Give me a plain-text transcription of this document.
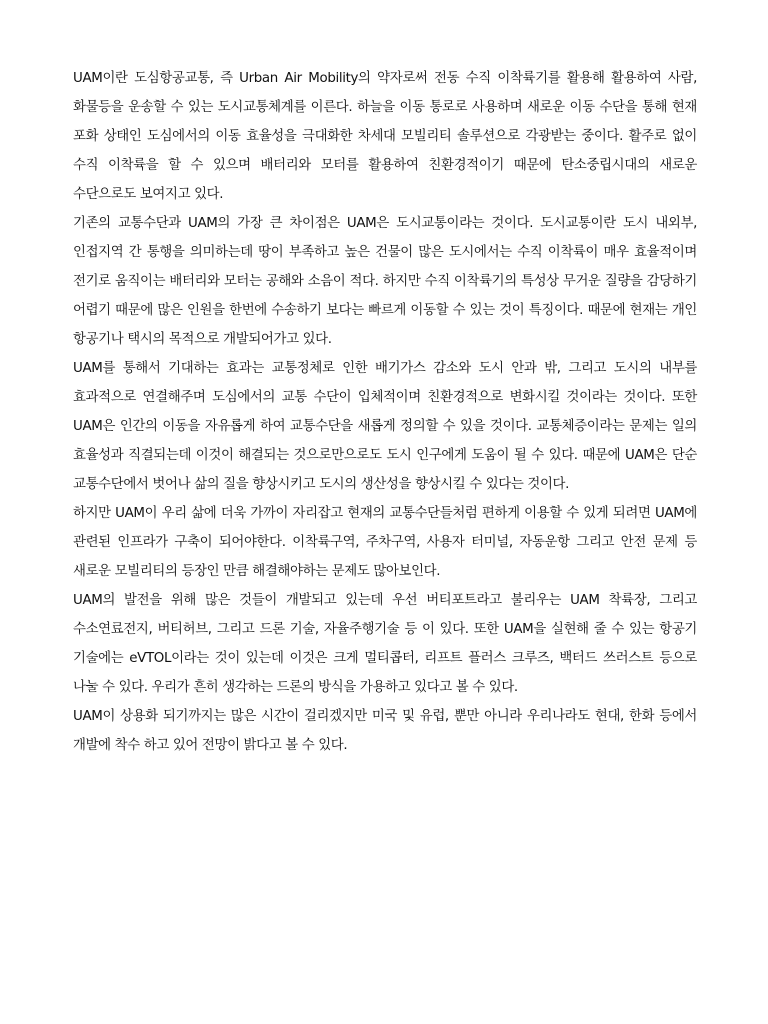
UAM이란 도심항공교통, 즉 Urban Air Mobility의 약자로써 전동 수직 이착륙기를 활용해 활용하여 사람, 화물등을 운송할 수 있는 도시교통체계를 이른다. 하늘을 이동 통로로 사용하며 새로운 이동 수단을 통해 현재 포화 상태인 도심에서의 이동 효율성을 극대화한 차세대 모빌리티 솔루션으로 각광받는 중이다. 활주로 없이 수직 이착륙을 할 수 있으며 배터리와 모터를 활용하여 친환경적이기 때문에 탄소중립시대의 새로운 수단으로도 보여지고 있다.

기존의 교통수단과 UAM의 가장 큰 차이점은 UAM은 도시교통이라는 것이다. 도시교통이란 도시 내외부, 인접지역 간 통행을 의미하는데 땅이 부족하고 높은 건물이 많은 도시에서는 수직 이착륙이 매우 효율적이며 전기로 움직이는 배터리와 모터는 공해와 소음이 적다. 하지만 수직 이착륙기의 특성상 무거운 질량을 감당하기 어렵기 때문에 많은 인원을 한번에 수송하기 보다는 빠르게 이동할 수 있는 것이 특징이다. 때문에 현재는 개인 항공기나 택시의 목적으로 개발되어가고 있다.

UAM를 통해서 기대하는 효과는 교통정체로 인한 배기가스 감소와 도시 안과 밖, 그리고 도시의 내부를 효과적으로 연결해주며 도심에서의 교통 수단이 입체적이며 친환경적으로 변화시킬 것이라는 것이다. 또한 UAM은 인간의 이동을 자유롭게 하여 교통수단을 새롭게 정의할 수 있을 것이다. 교통체증이라는 문제는 일의 효율성과 직결되는데 이것이 해결되는 것으로만으로도 도시 인구에게 도움이 될 수 있다. 때문에 UAM은 단순 교통수단에서 벗어나 삶의 질을 향상시키고 도시의 생산성을 향상시킬 수 있다는 것이다.

하지만 UAM이 우리 삶에 더욱 가까이 자리잡고 현재의 교통수단들처럼 편하게 이용할 수 있게 되려면 UAM에 관련된 인프라가 구축이 되어야한다. 이착륙구역, 주차구역, 사용자 터미널, 자동운항 그리고 안전 문제 등 새로운 모빌리티의 등장인 만큼 해결해야하는 문제도 많아보인다.

UAM의 발전을 위해 많은 것들이 개발되고 있는데 우선 버티포트라고 불리우는 UAM 착륙장, 그리고 수소연료전지, 버티허브, 그리고 드론 기술, 자율주행기술 등 이 있다. 또한 UAM을 실현해 줄 수 있는 항공기 기술에는 eVTOL이라는 것이 있는데 이것은 크게 멀티콥터, 리프트 플러스 크루즈, 백터드 쓰러스트 등으로 나눌 수 있다. 우리가 흔히 생각하는 드론의 방식을 가용하고 있다고 볼 수 있다.

UAM이 상용화 되기까지는 많은 시간이 걸리겠지만 미국 및 유럽, 뿐만 아니라 우리나라도 현대, 한화 등에서 개발에 착수 하고 있어 전망이 밝다고 볼 수 있다.
